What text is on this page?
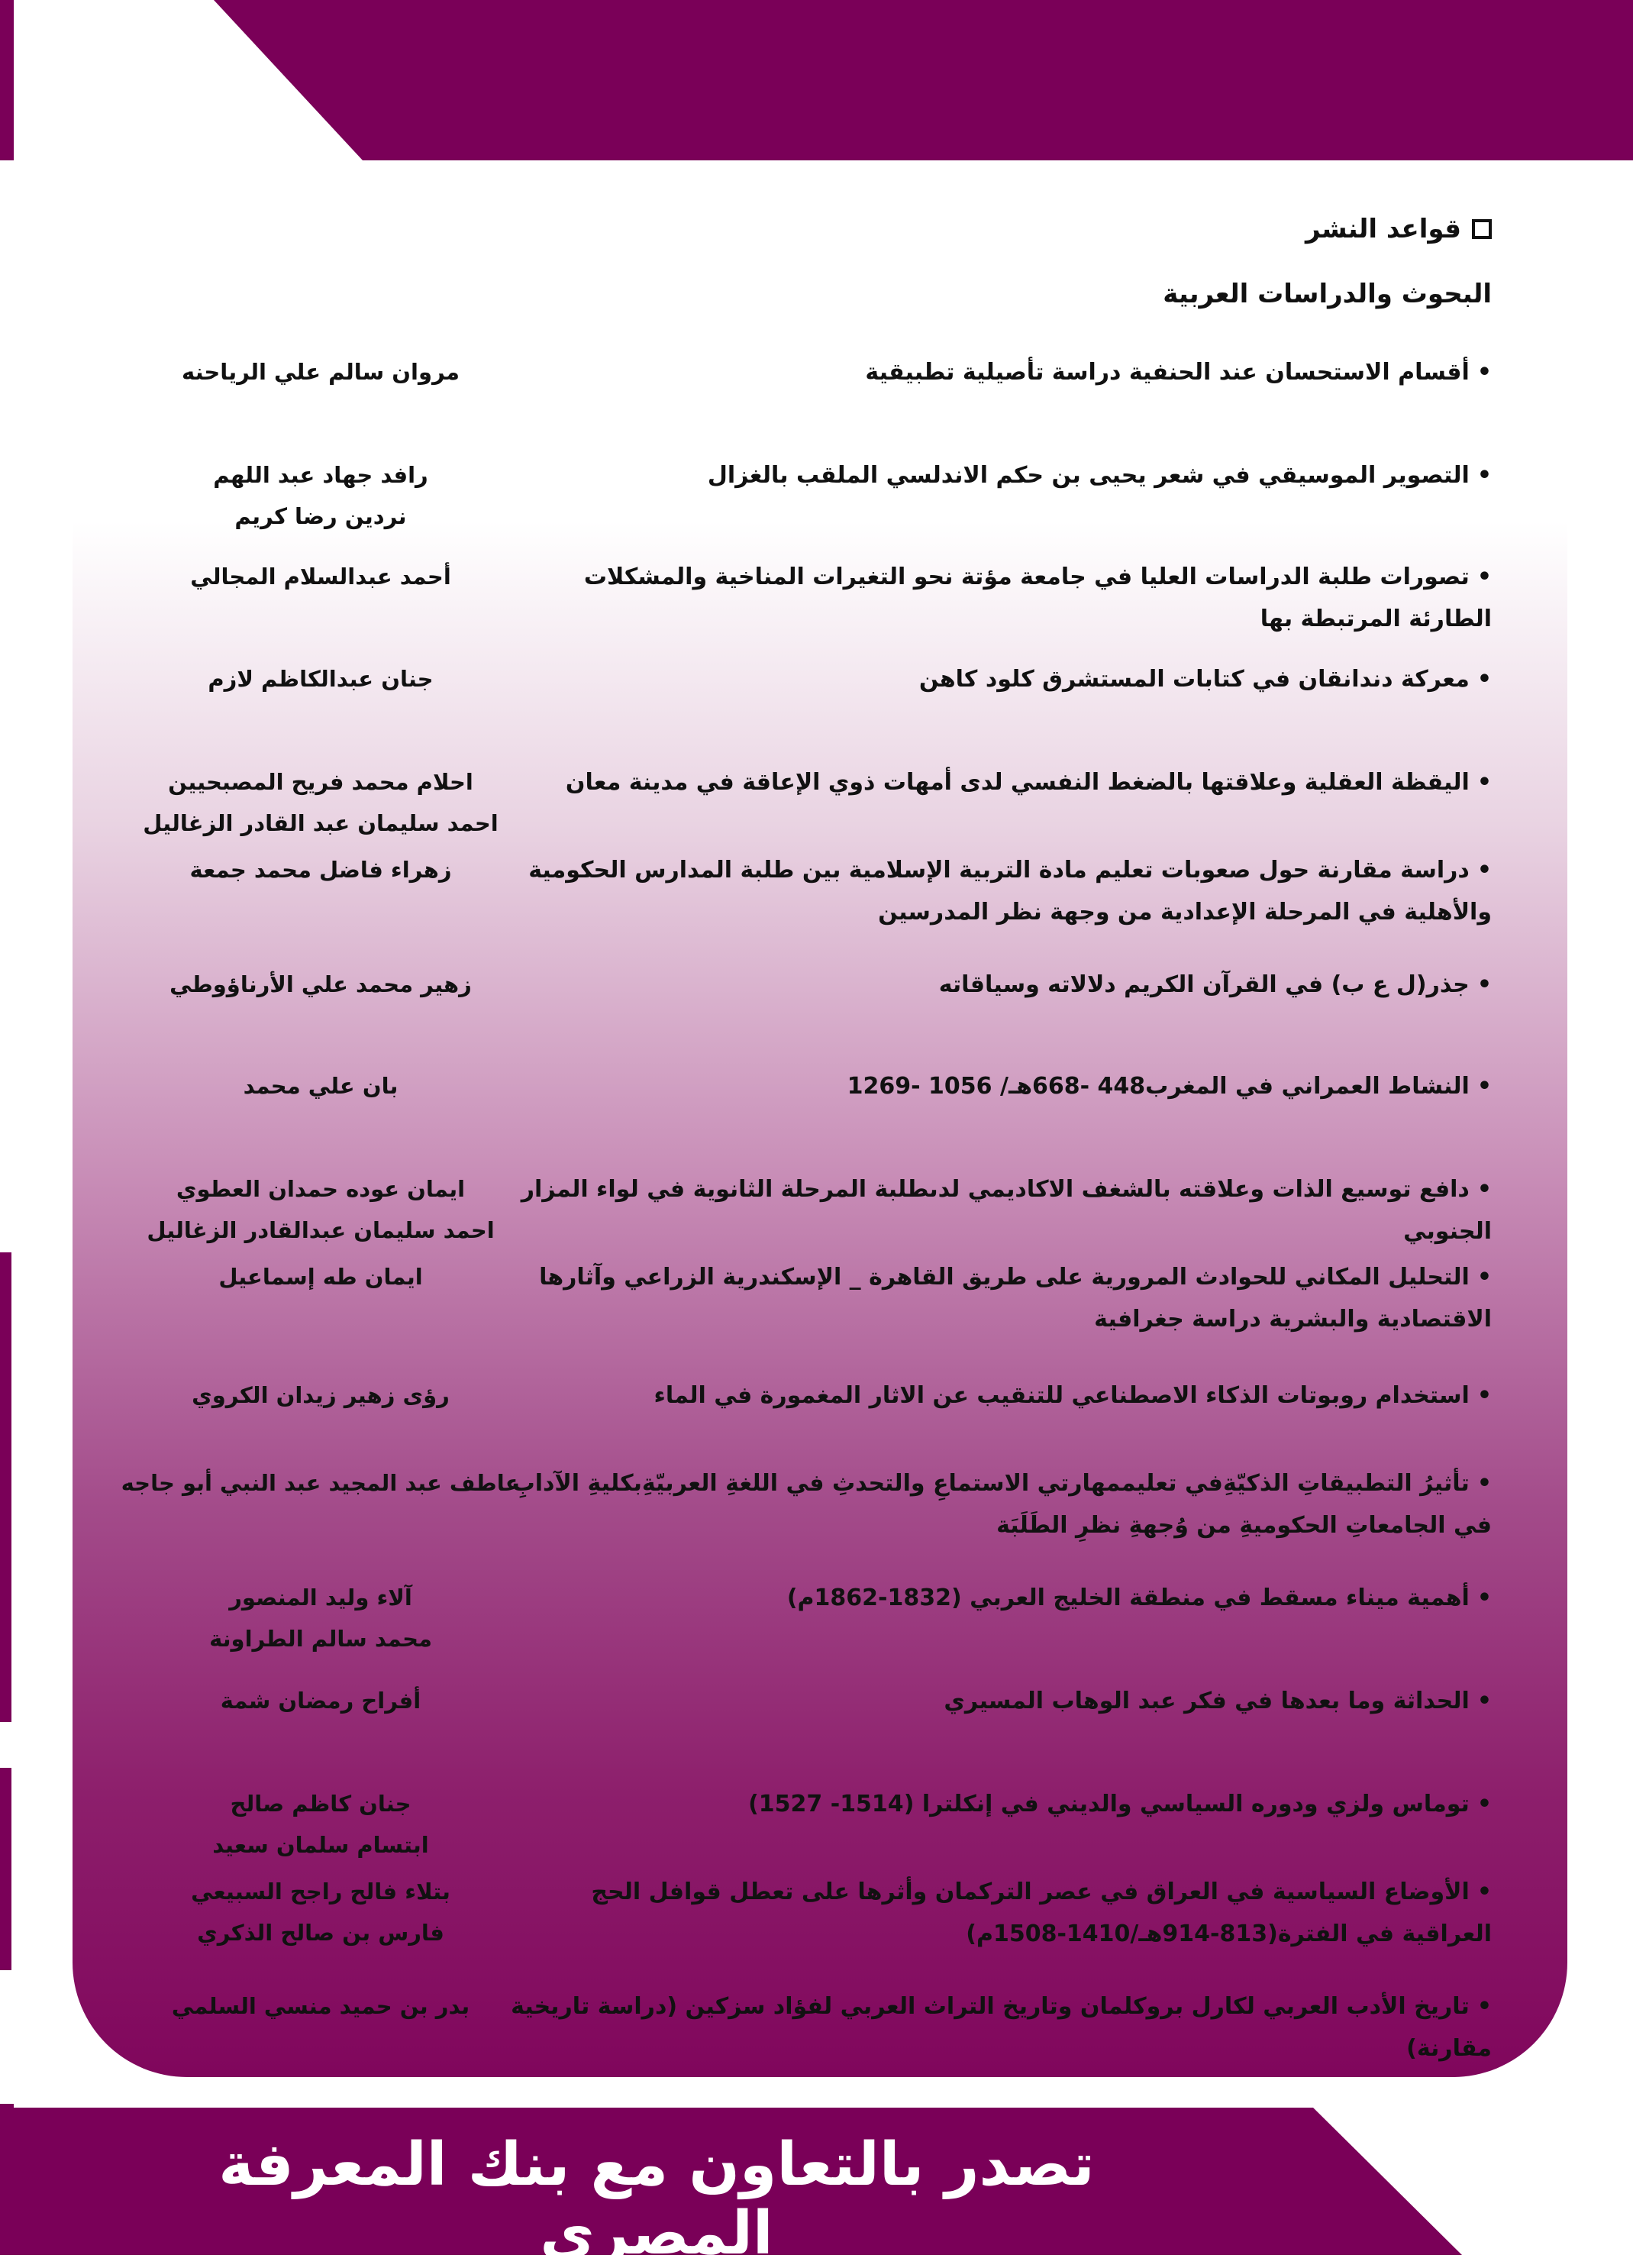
قواعد النشر
البحوث والدراسات العربية
•أقسام الاستحسان عند الحنفية دراسة تأصيلية تطبيقية
مروان سالم علي الرياحنه
•التصوير الموسيقي في شعر يحيى بن حكم الاندلسي الملقب بالغزال
رافد جهاد عبد اللهم
نردين رضا كريم
•تصورات طلبة الدراسات العليا في جامعة مؤتة نحو التغيرات المناخية والمشكلات الطارئة المرتبطة بها
أحمد عبدالسلام المجالي
•معركة دندانقان في كتابات المستشرق كلود كاهن
جنان عبدالكاظم لازم
•اليقظة العقلية وعلاقتها بالضغط النفسي لدى أمهات ذوي الإعاقة في مدينة معان
احلام محمد فريح المصبحيين
احمد سليمان عبد القادر الزغاليل
•دراسة مقارنة حول صعوبات تعليم مادة التربية الإسلامية بين طلبة المدارس الحكومية والأهلية في المرحلة الإعدادية من وجهة نظر المدرسين
زهراء فاضل محمد جمعة
•جذر(ل ع ب) في القرآن الكريم دلالاته وسياقاته
زهير محمد علي الأرناؤوطي
•النشاط العمراني في المغرب448 -668هـ/ 1056 -1269
بان علي محمد
•دافع توسيع الذات وعلاقته بالشغف الاكاديمي لدىطلبة المرحلة الثانوية في لواء المزار الجنوبي
ايمان عوده حمدان العطوي
احمد سليمان عبدالقادر الزغاليل
•التحليل المكاني للحوادث المرورية على طريق القاهرة _ الإسكندرية الزراعي وآثارها الاقتصادية والبشرية دراسة جغرافية
ايمان طه إسماعيل
•استخدام روبوتات الذكاء الاصطناعي للتنقيب عن الاثار المغمورة في الماء
رؤى زهير زيدان الكروي
•تأثيرُ التطبيقاتِ الذكيّةِفي تعليممهارتي الاستماعِ والتحدثِ في اللغةِ العربيّةِبكليةِ الآدابِ في الجامعاتِ الحكوميةِ من وُجهةِ نظرِ الطَلَبَة
عاطف عبد المجيد عبد النبي أبو جاجه
•أهمية ميناء مسقط في منطقة الخليج العربي (1832-1862م)
آلاء وليد المنصور
محمد سالم الطراونة
•الحداثة وما بعدها في فكر عبد الوهاب المسيري
أفراح رمضان شمة
•توماس ولزي ودوره السياسي والديني في إنكلترا (1514- 1527)
جنان كاظم صالح
ابتسام سلمان سعيد
•الأوضاع السياسية في العراق في عصر التركمان وأثرها على تعطل قوافل الحج العراقية في الفترة(813-914هـ/1410-1508م)
بتلاء فالح راجح السبيعي
فارس بن صالح الذكري
•تاريخ الأدب العربي لكارل بروكلمان وتاريخ التراث العربي لفؤاد سزكين (دراسة تاريخية مقارنة)
بدر بن حميد منسي السلمي
تصدر بالتعاون مع بنك المعرفة المصري
